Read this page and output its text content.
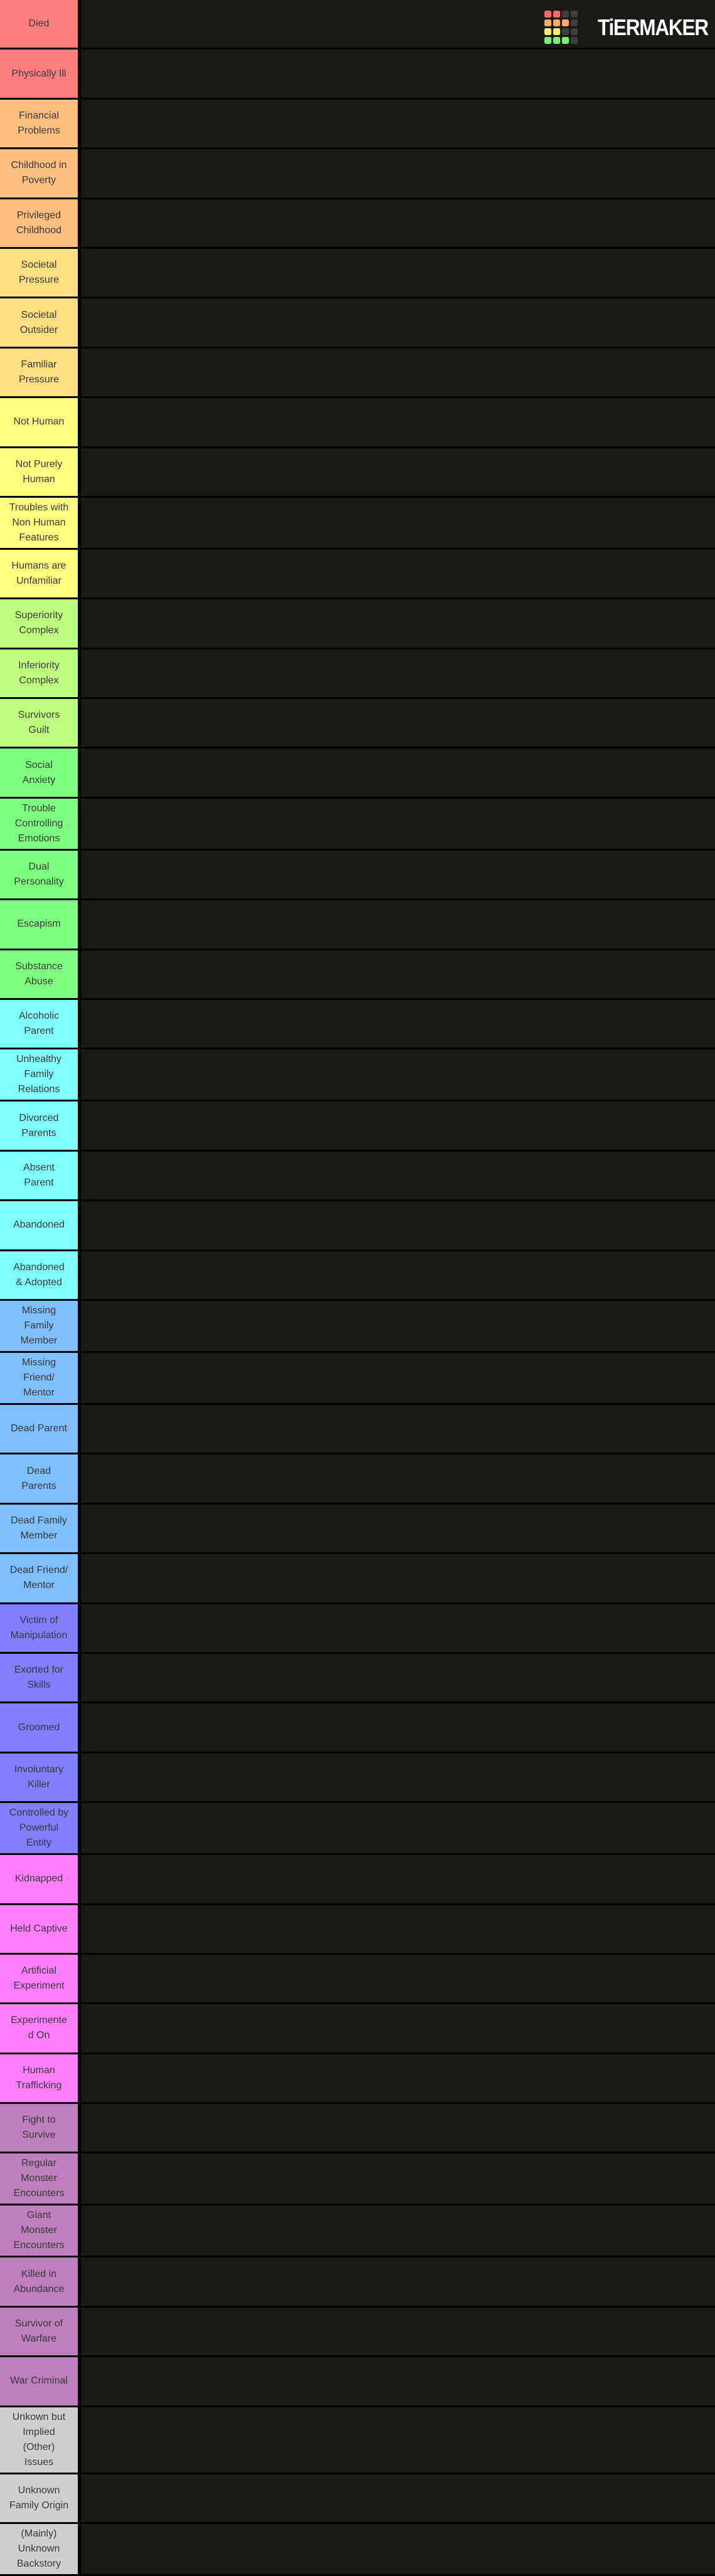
Died
Physically Ill
Financial Problems
Childhood in Poverty
Privileged Childhood
Societal Pressure
Societal Outsider
Familiar Pressure
Not Human
Not Purely Human
Troubles with Non Human Features
Humans are Unfamiliar
Superiority Complex
Inferiority Complex
Survivors Guilt
Social Anxiety
Trouble Controlling Emotions
Dual Personality
Escapism
Substance Abuse
Alcoholic Parent
Unhealthy Family Relations
Divorced Parents
Absent Parent
Abandoned
Abandoned & Adopted
Missing Family Member
Missing Friend/ Mentor
Dead Parent
Dead Parents
Dead Family Member
Dead Friend/ Mentor
Victim of Manipulation
Exorted for Skills
Groomed
Involuntary Killer
Controlled by Powerful Entity
Kidnapped
Held Captive
Artificial Experiment
Experimented On
Human Trafficking
Fight to Survive
Regular Monster Encounters
Giant Monster Encounters
Killed in Abundance
Survivor of Warfare
War Criminal
Unkown but Implied (Other) Issues
Unknown Family Origin
(Mainly) Unknown Backstory
TiERMAKER
